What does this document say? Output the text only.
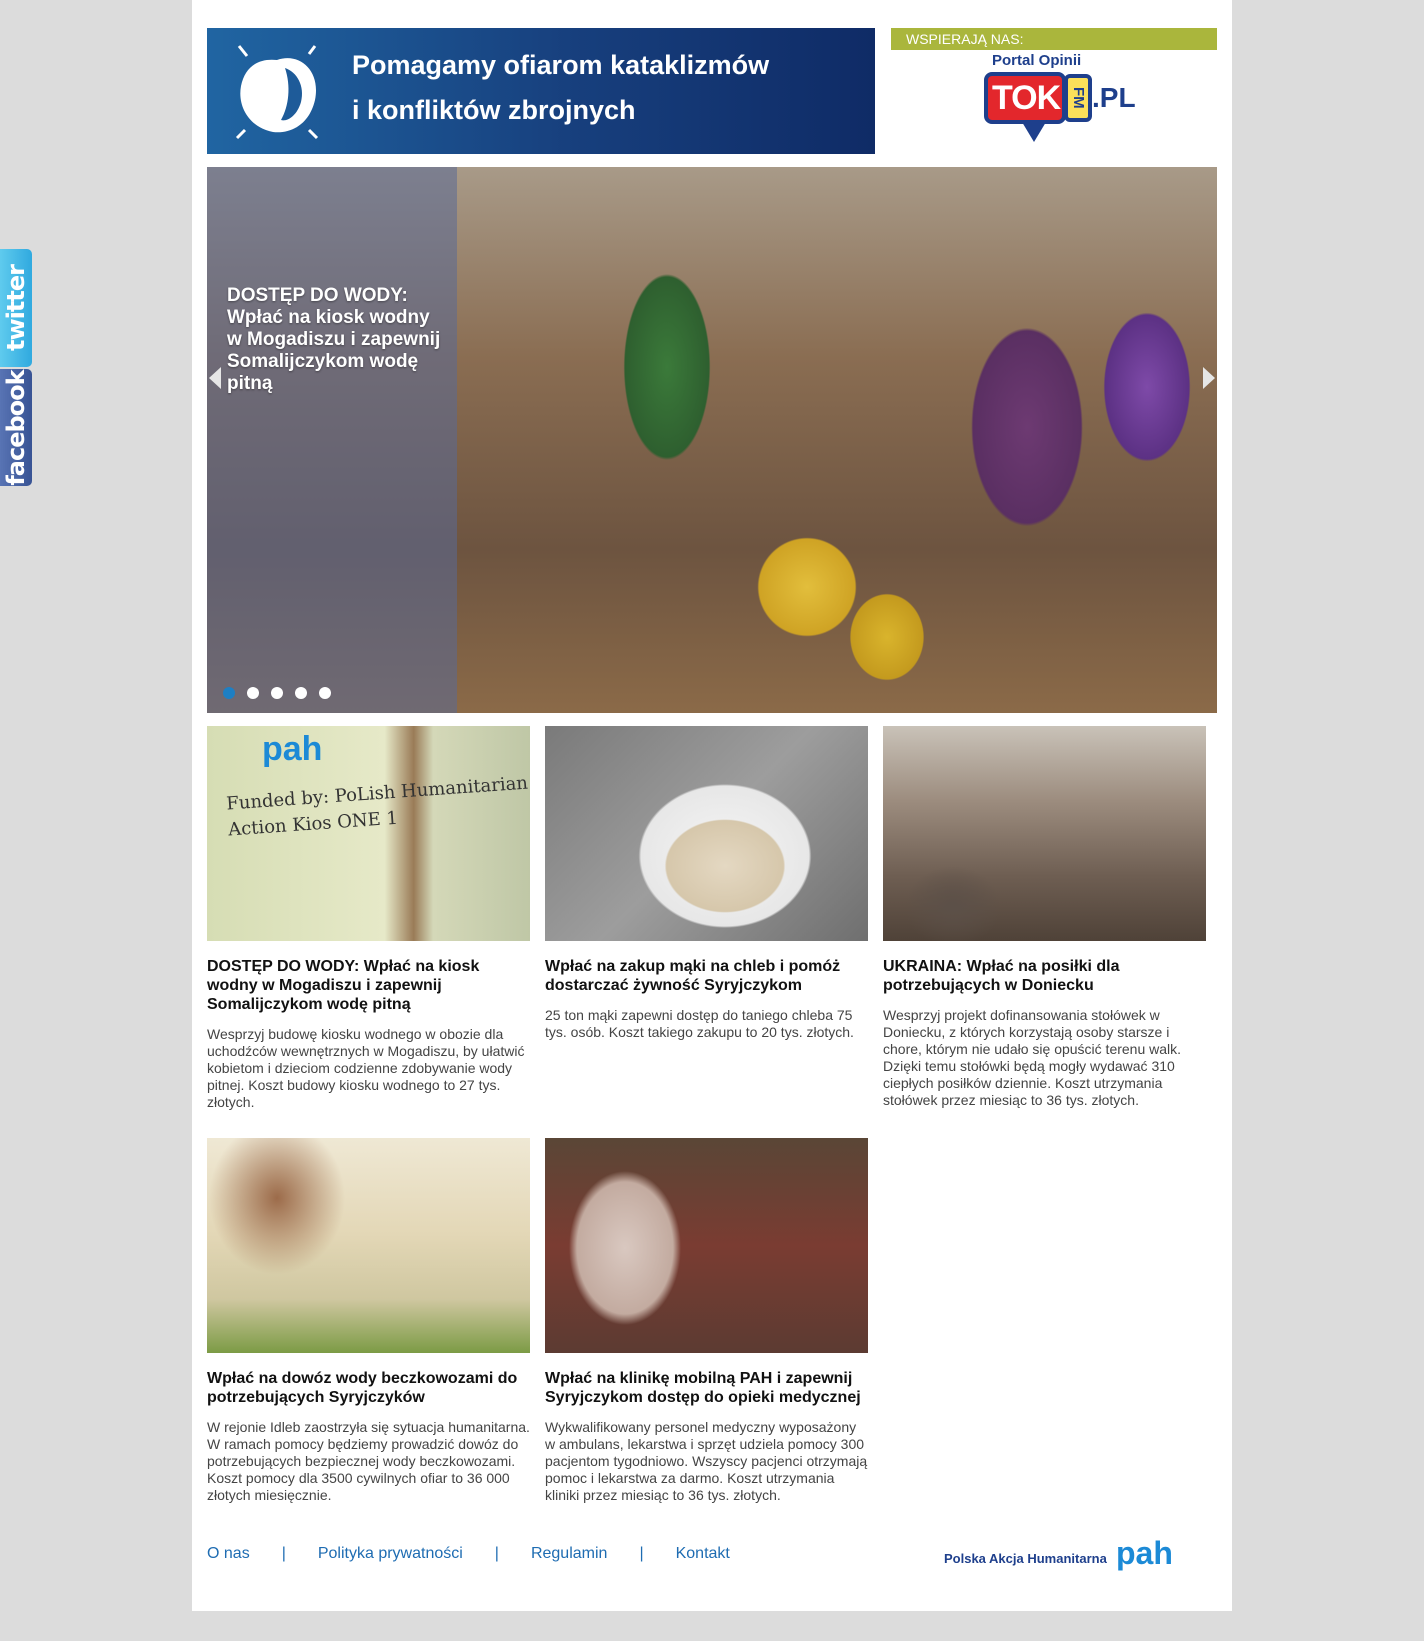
twitter
facebook
Pomagamy ofiarom kataklizmów
i konfliktów zbrojnych
WSPIERAJĄ NAS:
Portal Opinii
TOK FM .PL
DOSTĘP DO WODY: Wpłać na kiosk wodny w Mogadiszu i zapewnij Somalijczykom wodę pitną
pah
Funded by: PoLish Humanitarian Action Kios ONE 1
DOSTĘP DO WODY: Wpłać na kiosk wodny w Mogadiszu i zapewnij Somalijczykom wodę pitną

Wesprzyj budowę kiosku wodnego w obozie dla uchodźców wewnętrznych w Mogadiszu, by ułatwić kobietom i dzieciom codzienne zdobywanie wody pitnej. Koszt budowy kiosku wodnego to 27 tys. złotych.

Wpłać na zakup mąki na chleb i pomóż dostarczać żywność Syryjczykom

25 ton mąki zapewni dostęp do taniego chleba 75 tys. osób. Koszt takiego zakupu to 20 tys. złotych.

UKRAINA: Wpłać na posiłki dla potrzebujących w Doniecku

Wesprzyj projekt dofinansowania stołówek w Doniecku, z których korzystają osoby starsze i chore, którym nie udało się opuścić terenu walk. Dzięki temu stołówki będą mogły wydawać 310 ciepłych posiłków dziennie. Koszt utrzymania stołówek przez miesiąc to 36 tys. złotych.

Wpłać na dowóz wody beczkowozami do potrzebujących Syryjczyków

W rejonie Idleb zaostrzyła się sytuacja humanitarna. W ramach pomocy będziemy prowadzić dowóz do potrzebujących bezpiecznej wody beczkowozami. Koszt pomocy dla 3500 cywilnych ofiar to 36 000 złotych miesięcznie.

Wpłać na klinikę mobilną PAH i zapewnij Syryjczykom dostęp do opieki medycznej

Wykwalifikowany personel medyczny wyposażony w ambulans, lekarstwa i sprzęt udziela pomocy 300 pacjentom tygodniowo. Wszyscy pacjenci otrzymają pomoc i lekarstwa za darmo. Koszt utrzymania kliniki przez miesiąc to 36 tys. złotych.

O nas | Polityka prywatności | Regulamin | Kontakt	Polska Akcja Humanitarna pah
